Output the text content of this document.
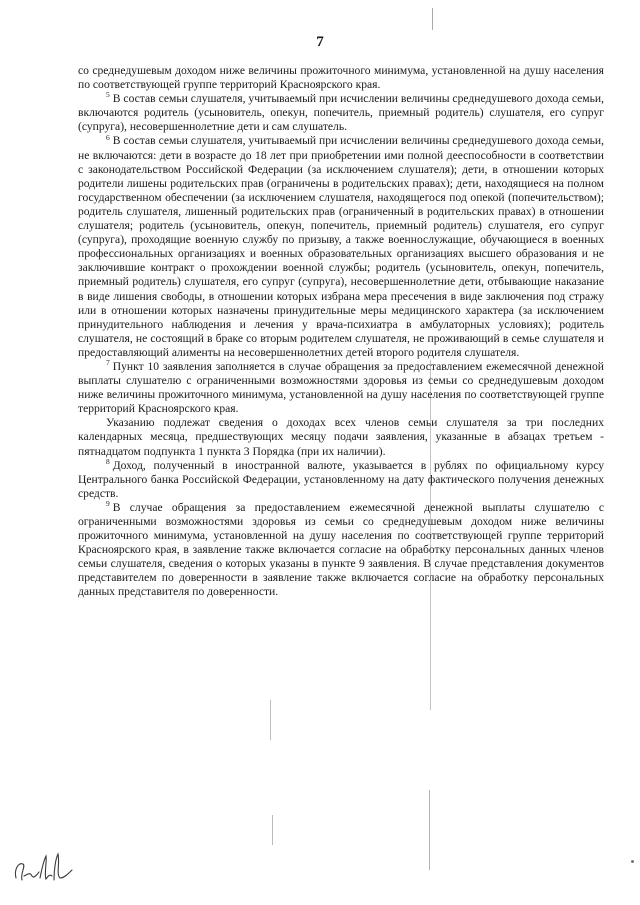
7

со среднедушевым доходом ниже величины прожиточного минимума, установленной на душу населения по соответствующей группе территорий Красноярского края.

$^5$ В состав семьи слушателя, учитываемый при исчислении величины среднедушевого дохода семьи, включаются родитель (усыновитель, опекун, попечитель, приемный родитель) слушателя, его супруг (супруга), несовершеннолетние дети и сам слушатель.

$^6$ В состав семьи слушателя, учитываемый при исчислении величины среднедушевого дохода семьи, не включаются: дети в возрасте до 18 лет при приобретении ими полной дееспособности в соответствии с законодательством Российской Федерации (за исключением слушателя); дети, в отношении которых родители лишены родительских прав (ограничены в родительских правах); дети, находящиеся на полном государственном обеспечении (за исключением слушателя, находящегося под опекой (попечительством); родитель слушателя, лишенный родительских прав (ограниченный в родительских правах) в отношении слушателя; родитель (усыновитель, опекун, попечитель, приемный родитель) слушателя, его супруг (супруга), проходящие военную службу по призыву, а также военнослужащие, обучающиеся в военных профессиональных организациях и военных образовательных организациях высшего образования и не заключившие контракт о прохождении военной службы; родитель (усыновитель, опекун, попечитель, приемный родитель) слушателя, его супруг (супруга), несовершеннолетние дети, отбывающие наказание в виде лишения свободы, в отношении которых избрана мера пресечения в виде заключения под стражу или в отношении которых назначены принудительные меры медицинского характера (за исключением принудительного наблюдения и лечения у врача-психиатра в амбулаторных условиях); родитель слушателя, не состоящий в браке со вторым родителем слушателя, не проживающий в семье слушателя и предоставляющий алименты на несовершеннолетних детей второго родителя слушателя.

$^7$ Пункт 10 заявления заполняется в случае обращения за предоставлением ежемесячной денежной выплаты слушателю с ограниченными возможностями здоровья из семьи со среднедушевым доходом ниже величины прожиточного минимума, установленной на душу населения по соответствующей группе территорий Красноярского края.

Указанию подлежат сведения о доходах всех членов семьи слушателя за три последних календарных месяца, предшествующих месяцу подачи заявления, указанные в абзацах третьем - пятнадцатом подпункта 1 пункта 3 Порядка (при их наличии).

$^8$ Доход, полученный в иностранной валюте, указывается в рублях по официальному курсу Центрального банка Российской Федерации, установленному на дату фактического получения денежных средств.

$^9$ В случае обращения за предоставлением ежемесячной денежной выплаты слушателю с ограниченными возможностями здоровья из семьи со среднедушевым доходом ниже величины прожиточного минимума, установленной на душу населения по соответствующей группе территорий Красноярского края, в заявление также включается согласие на обработку персональных данных членов семьи слушателя, сведения о которых указаны в пункте 9 заявления. В случае представления документов представителем по доверенности в заявление также включается согласие на обработку персональных данных представителя по доверенности.
